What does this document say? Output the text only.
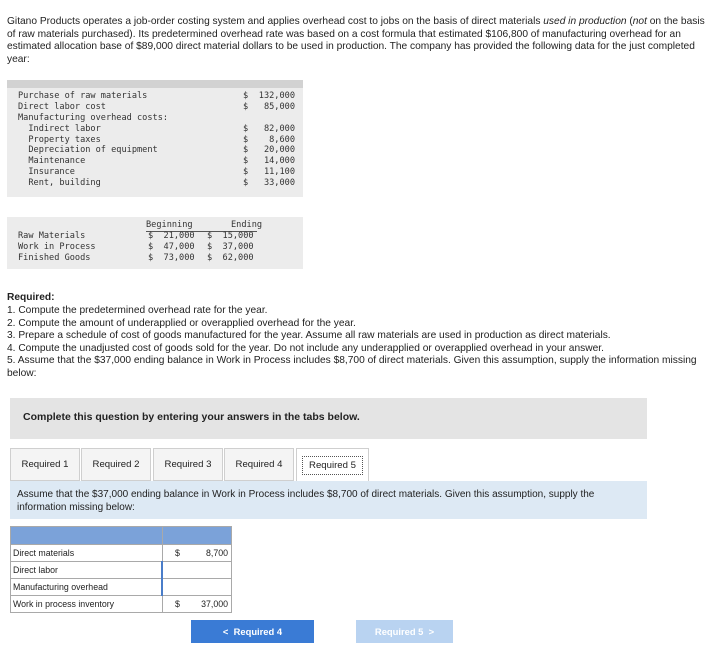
Gitano Products operates a job-order costing system and applies overhead cost to jobs on the basis of direct materials used in production (not on the basis of raw materials purchased). Its predetermined overhead rate was based on a cost formula that estimated $106,800 of manufacturing overhead for an estimated allocation base of $89,000 direct material dollars to be used in production. The company has provided the following data for the just completed year:

Purchase of raw materials	$ 132,000
Direct labor cost	$ 85,000
Manufacturing overhead costs:
Indirect labor	$ 82,000
Property taxes	$ 8,600
Depreciation of equipment	$ 20,000
Maintenance	$ 14,000
Insurance	$ 11,100
Rent, building	$ 33,000
Beginning	Ending
Raw Materials	$  21,000 $  15,000
Work in Process	$  47,000 $  37,000
Finished Goods	$  73,000 $  62,000

Required:

1. Compute the predetermined overhead rate for the year.
2. Compute the amount of underapplied or overapplied overhead for the year.
3. Prepare a schedule of cost of goods manufactured for the year. Assume all raw materials are used in production as direct materials.
4. Compute the unadjusted cost of goods sold for the year. Do not include any underapplied or overapplied overhead in your answer.
5. Assume that the $37,000 ending balance in Work in Process includes $8,700 of direct materials. Given this assumption, supply the information missing below:
Complete this question by entering your answers in the tabs below.
Required 1	Required 2	Required 3	Required 4	Required 5
Assume that the $37,000 ending balance in Work in Process includes $8,700 of direct materials. Given this assumption, supply the information missing below:

Direct materials	$ 8,700

Direct labor	

Manufacturing overhead	

Work in process inventory	$ 37,000
< Required 4	Required 5 >
